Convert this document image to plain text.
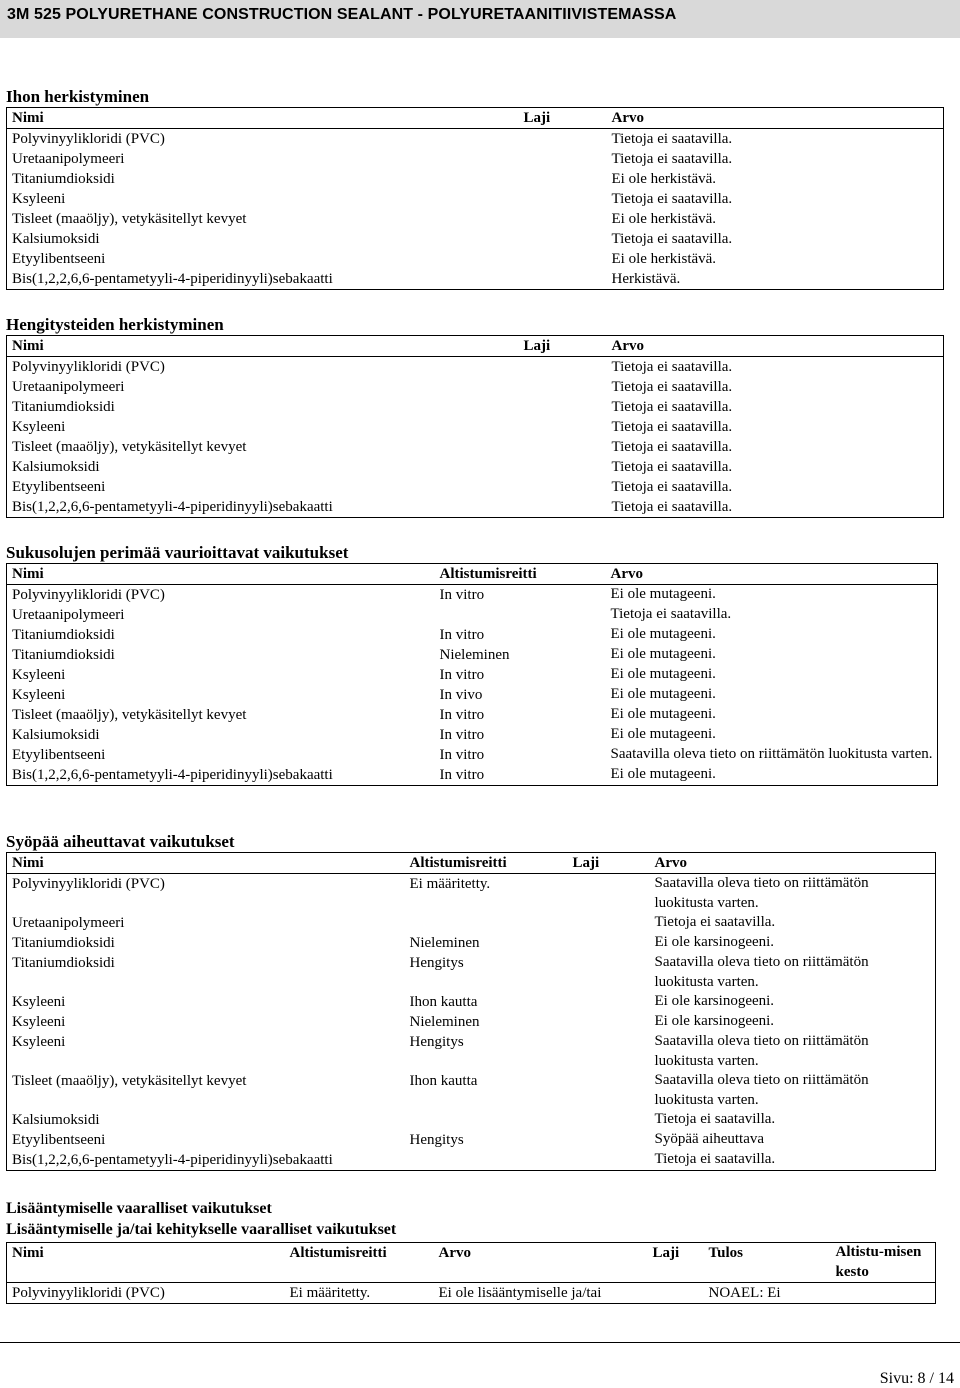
3M 525 POLYURETHANE CONSTRUCTION SEALANT - POLYURETAANITIIVISTEMASSA
Ihon herkistyminen
Nimi	Laji	Arvo
Polyvinyylikloridi (PVC)		Tietoja ei saatavilla.
Uretaanipolymeeri		Tietoja ei saatavilla.
Titaniumdioksidi		Ei ole herkistävä.
Ksyleeni		Tietoja ei saatavilla.
Tisleet (maaöljy), vetykäsitellyt kevyet		Ei ole herkistävä.
Kalsiumoksidi		Tietoja ei saatavilla.
Etyylibentseeni		Ei ole herkistävä.
Bis(1,2,2,6,6-pentametyyli-4-piperidinyyli)sebakaatti		Herkistävä.
Hengitysteiden herkistyminen
Nimi	Laji	Arvo
Polyvinyylikloridi (PVC)		Tietoja ei saatavilla.
Uretaanipolymeeri		Tietoja ei saatavilla.
Titaniumdioksidi		Tietoja ei saatavilla.
Ksyleeni		Tietoja ei saatavilla.
Tisleet (maaöljy), vetykäsitellyt kevyet		Tietoja ei saatavilla.
Kalsiumoksidi		Tietoja ei saatavilla.
Etyylibentseeni		Tietoja ei saatavilla.
Bis(1,2,2,6,6-pentametyyli-4-piperidinyyli)sebakaatti		Tietoja ei saatavilla.
Sukusolujen perimää vaurioittavat vaikutukset
Nimi	Altistumisreitti	Arvo
Polyvinyylikloridi (PVC)	In vitro	Ei ole mutageeni.
Uretaanipolymeeri		Tietoja ei saatavilla.
Titaniumdioksidi	In vitro	Ei ole mutageeni.
Titaniumdioksidi	Nieleminen	Ei ole mutageeni.
Ksyleeni	In vitro	Ei ole mutageeni.
Ksyleeni	In vivo	Ei ole mutageeni.
Tisleet (maaöljy), vetykäsitellyt kevyet	In vitro	Ei ole mutageeni.
Kalsiumoksidi	In vitro	Ei ole mutageeni.
Etyylibentseeni	In vitro	Saatavilla oleva tieto on riittämätön luokitusta varten.
Bis(1,2,2,6,6-pentametyyli-4-piperidinyyli)sebakaatti	In vitro	Ei ole mutageeni.
Syöpää aiheuttavat vaikutukset
Nimi	Altistumisreitti	Laji	Arvo
Polyvinyylikloridi (PVC)	Ei määritetty.		Saatavilla oleva tieto on riittämätön luokitusta varten.
Uretaanipolymeeri			Tietoja ei saatavilla.
Titaniumdioksidi	Nieleminen		Ei ole karsinogeeni.
Titaniumdioksidi	Hengitys		Saatavilla oleva tieto on riittämätön luokitusta varten.
Ksyleeni	Ihon kautta		Ei ole karsinogeeni.
Ksyleeni	Nieleminen		Ei ole karsinogeeni.
Ksyleeni	Hengitys		Saatavilla oleva tieto on riittämätön luokitusta varten.
Tisleet (maaöljy), vetykäsitellyt kevyet	Ihon kautta		Saatavilla oleva tieto on riittämätön luokitusta varten.
Kalsiumoksidi			Tietoja ei saatavilla.
Etyylibentseeni	Hengitys		Syöpää aiheuttava
Bis(1,2,2,6,6-pentametyyli-4-piperidinyyli)sebakaatti			Tietoja ei saatavilla.
Lisääntymiselle vaaralliset vaikutukset
Lisääntymiselle ja/tai kehitykselle vaaralliset vaikutukset
Nimi	Altistumisreitti	Arvo	Laji	Tulos	Altistu-misen kesto
Polyvinyylikloridi (PVC)	Ei määritetty.	Ei ole lisääntymiselle ja/tai		NOAEL: Ei	
Sivu: 8 / 14
